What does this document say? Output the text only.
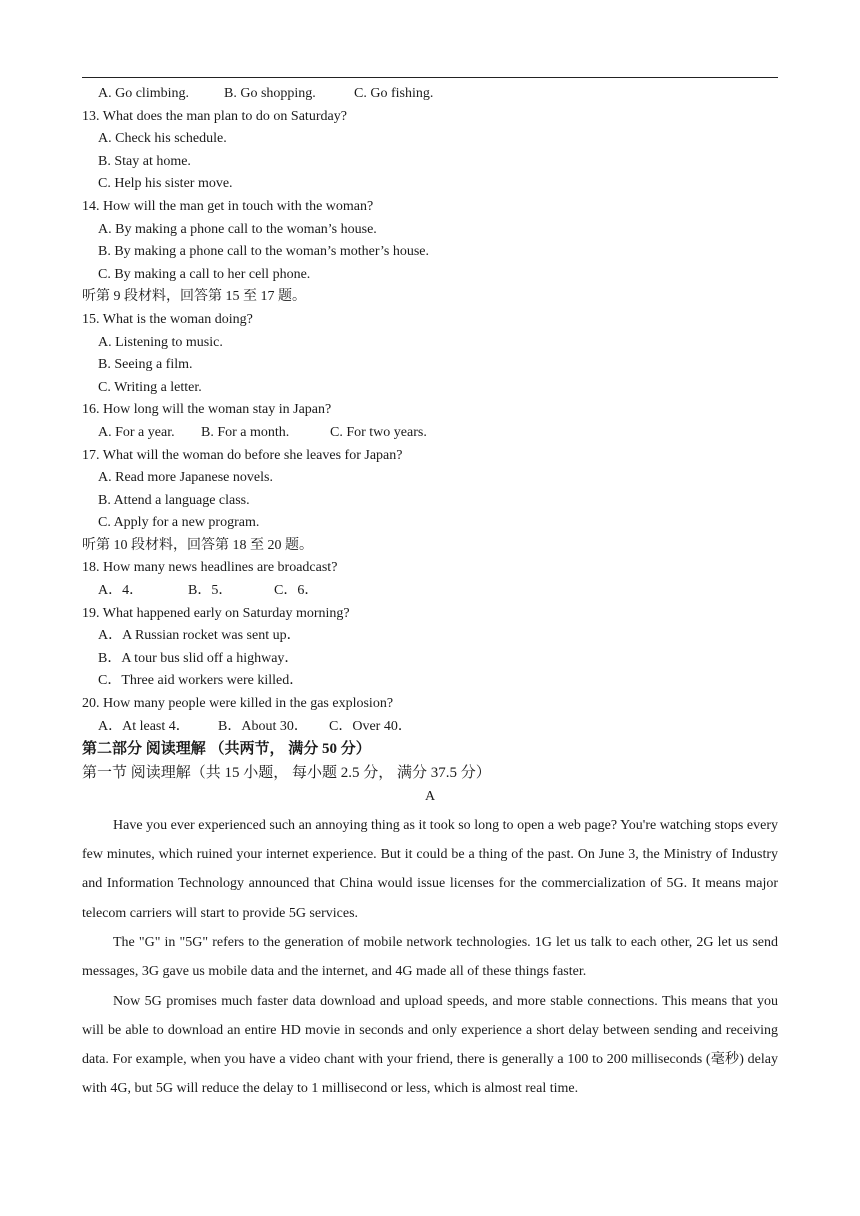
A. Go climbing.	B. Go shopping.	C. Go fishing.
13. What does the man plan to do on Saturday?
A. Check his schedule.
B. Stay at home.
C. Help his sister move.
14. How will the man get in touch with the woman?
A. By making a phone call to the woman’s house.
B. By making a phone call to the woman’s mother’s house.
C. By making a call to her cell phone.
听第 9 段材料，回答第 15 至 17 题。
15. What is the woman doing?
A. Listening to music.
B. Seeing a film.
C. Writing a letter.
16. How long will the woman stay in Japan?
A. For a year. B. For a month.	C. For two years.
17. What will the woman do before she leaves for Japan?
A. Read more Japanese novels.
B. Attend a language class.
C. Apply for a new program.
听第 10 段材料，回答第 18 至 20 题。
18. How many news headlines are broadcast?
A．4．	B．5．	C．6．
19. What happened early on Saturday morning?
A．A Russian rocket was sent up．
B．A tour bus slid off a highway．
C．Three aid workers were killed．
20. How many people were killed in the gas explosion?
A．At least 4． B．About 30． C．Over 40．
第二部分 阅读理解 （共两节， 满分 50 分）
第一节 阅读理解（共 15 小题， 每小题 2.5 分， 满分 37.5 分）
A

Have you ever experienced such an annoying thing as it took so long to open a web page? You're watching stops every few minutes, which ruined your internet experience. But it could be a thing of the past. On June 3, the Ministry of Industry and Information Technology announced that China would issue licenses for the commercialization of 5G. It means major telecom carriers will start to provide 5G services.

The "G" in "5G" refers to the generation of mobile network technologies. 1G let us talk to each other, 2G let us send messages, 3G gave us mobile data and the internet, and 4G made all of these things faster.

Now 5G promises much faster data download and upload speeds, and more stable connections. This means that you will be able to download an entire HD movie in seconds and only experience a short delay between sending and receiving data. For example, when you have a video chant with your friend, there is generally a 100 to 200 milliseconds (毫秒) delay with 4G, but 5G will reduce the delay to 1 millisecond or less, which is almost real time.
